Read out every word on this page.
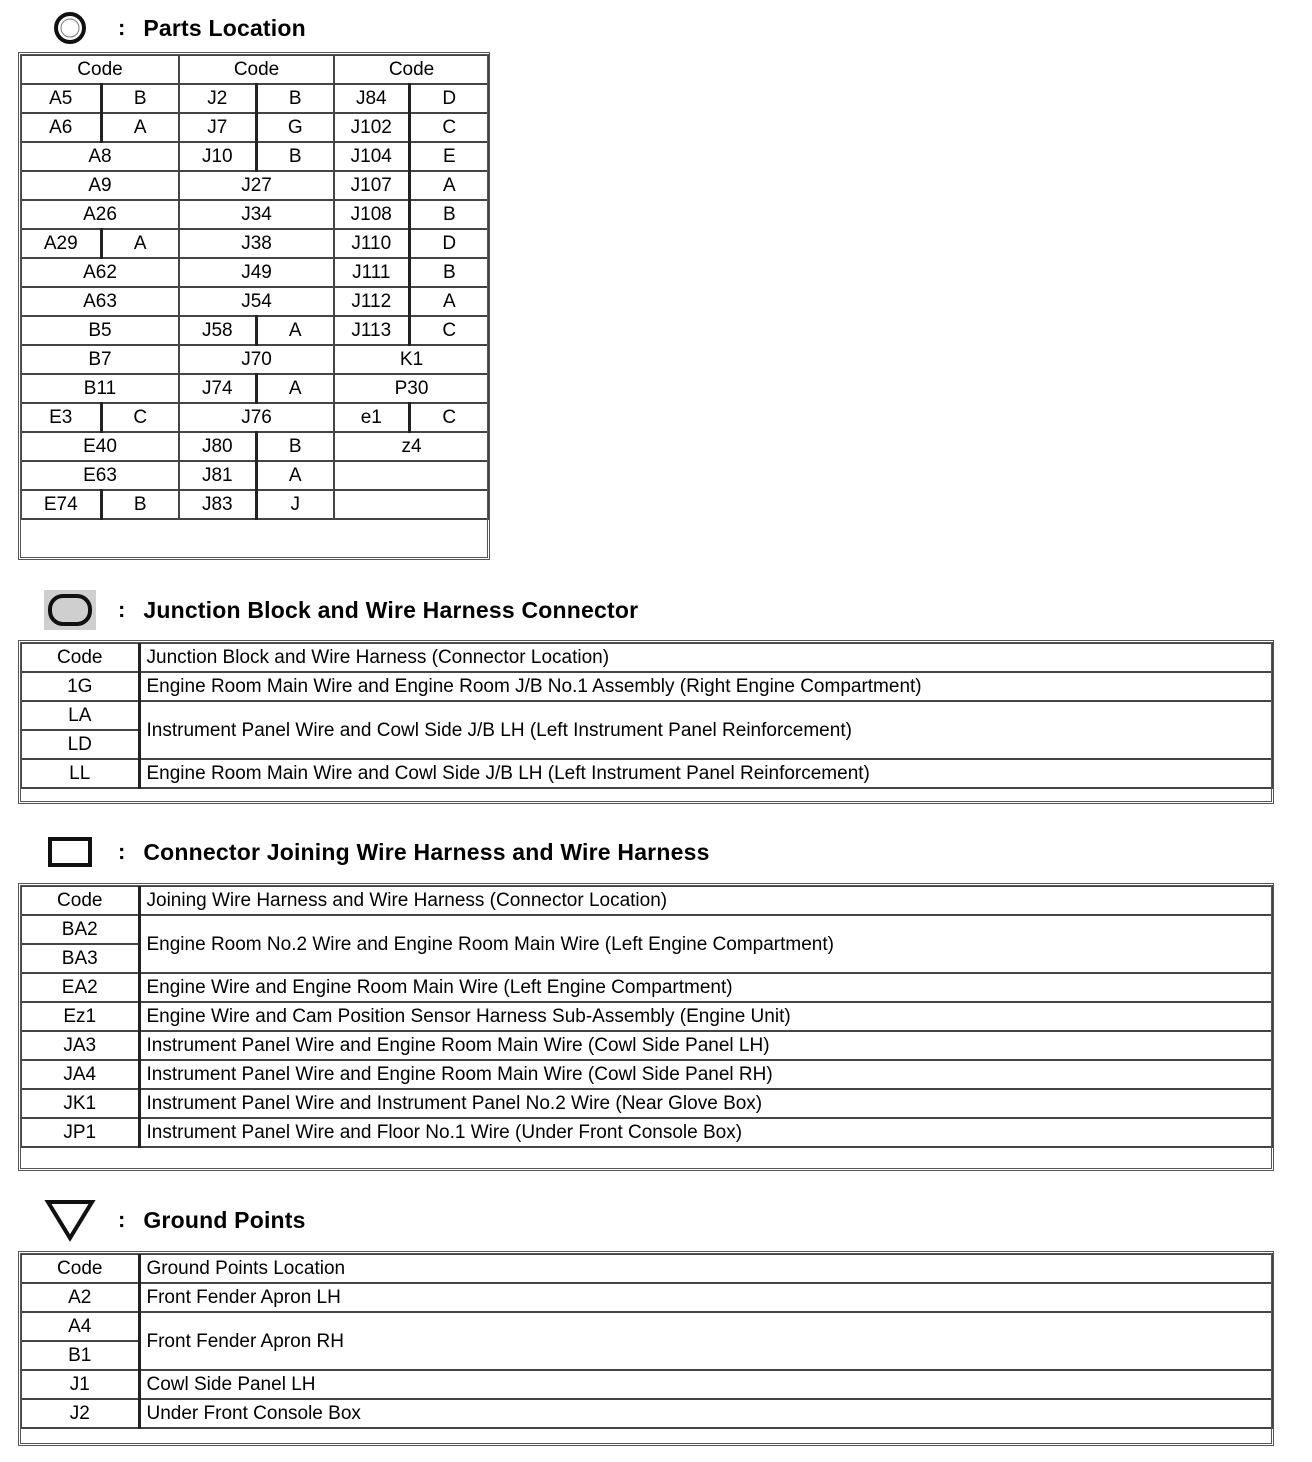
: Parts Location
Code		Code		Code	
A5	B	J2	B	J84	D
A6	A	J7	G	J102	C
A8		J10	B	J104	E
A9		J27		J107	A
A26		J34		J108	B
A29	A	J38		J110	D
A62		J49		J111	B
A63		J54		J112	A
B5		J58	A	J113	C
B7		J70		K1	
B11		J74	A	P30	
E3	C	J76		e1	C
E40		J80	B	z4	
E63		J81	A		
E74	B	J83	J		
: Junction Block and Wire Harness Connector
Code	Junction Block and Wire Harness (Connector Location)
1G	Engine Room Main Wire and Engine Room J/B No.1 Assembly (Right Engine Compartment)
LA	Instrument Panel Wire and Cowl Side J/B LH (Left Instrument Panel Reinforcement)
LD	
LL	Engine Room Main Wire and Cowl Side J/B LH (Left Instrument Panel Reinforcement)
: Connector Joining Wire Harness and Wire Harness
Code	Joining Wire Harness and Wire Harness (Connector Location)
BA2	Engine Room No.2 Wire and Engine Room Main Wire (Left Engine Compartment)
BA3	
EA2	Engine Wire and Engine Room Main Wire (Left Engine Compartment)
Ez1	Engine Wire and Cam Position Sensor Harness Sub-Assembly (Engine Unit)
JA3	Instrument Panel Wire and Engine Room Main Wire (Cowl Side Panel LH)
JA4	Instrument Panel Wire and Engine Room Main Wire (Cowl Side Panel RH)
JK1	Instrument Panel Wire and Instrument Panel No.2 Wire (Near Glove Box)
JP1	Instrument Panel Wire and Floor No.1 Wire (Under Front Console Box)
: Ground Points
Code	Ground Points Location
A2	Front Fender Apron LH
A4	Front Fender Apron RH
B1	
J1	Cowl Side Panel LH
J2	Under Front Console Box
